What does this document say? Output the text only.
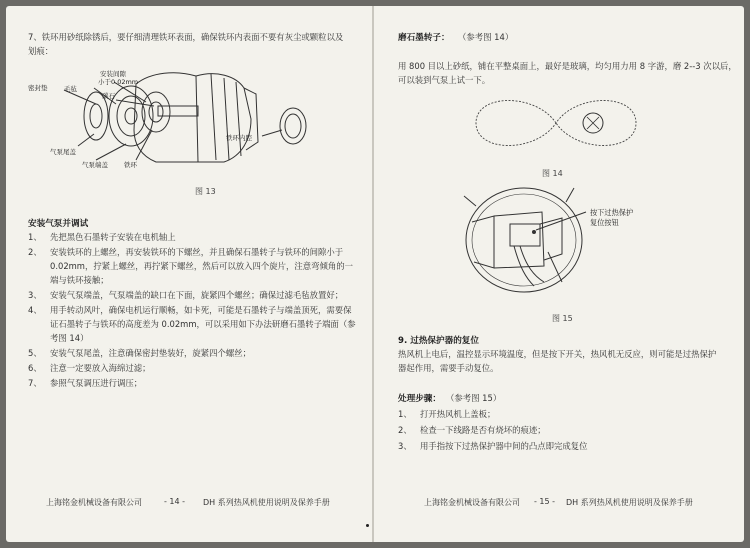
7、铁环用砂纸除锈后，要仔细清理铁环表面，确保铁环内表面不要有灰尘或颗粒以及
划痕：
密封垫	毛毡
安装间隙
小于0.02mm
碳石
气泵尾盖
气泵端盖 铁环
铁环内腔
图 13
安装气泵并调试
1、 先把黑色石墨转子安装在电机轴上
2、 安装铁环的上螺丝，再安装铁环的下螺丝，并且确保石墨转子与铁环的间隙小于
0.02mm，拧紧上螺丝，再拧紧下螺丝，然后可以放入四个旋片，注意弯倾角的一
端与铁环接触；
3、 安装气泵端盖，气泵端盖的缺口在下面，旋紧四个螺丝；确保过滤毛毡放置好；
4、 用手转动风叶，确保电机运行顺畅，如卡死，可能是石墨转子与端盖顶死，需要保
证石墨转子与铁环的高度差为 0.02mm，可以采用如下办法研磨石墨转子端面（参
考图 14）
5、 安装气泵尾盖，注意确保密封垫装好，旋紧四个螺丝；
6、 注意一定要放入海绵过滤；
7、 参照气泵调压进行调压；
上海铭金机械设备有限公司	- 14 - DH 系列热风机使用说明及保养手册
磨石墨转子： （参考图 14）
用 800 目以上砂纸，铺在平整桌面上，最好是玻璃，均匀用力用 8 字游，磨 2--3 次以后，
可以装到气泵上试一下。
图 14
按下过热保护
复位按钮
图 15
9. 过热保护器的复位
热风机上电后，温控显示环境温度，但是按下开关，热风机无反应，则可能是过热保护
器起作用，需要手动复位。
处理步骤： （参考图 15）
1、 打开热风机上盖板；
2、 检查一下线路是否有烧坏的痕迹；
3、 用手指按下过热保护器中间的凸点即完成复位
上海铭金机械设备有限公司 - 15 - DH 系列热风机使用说明及保养手册
